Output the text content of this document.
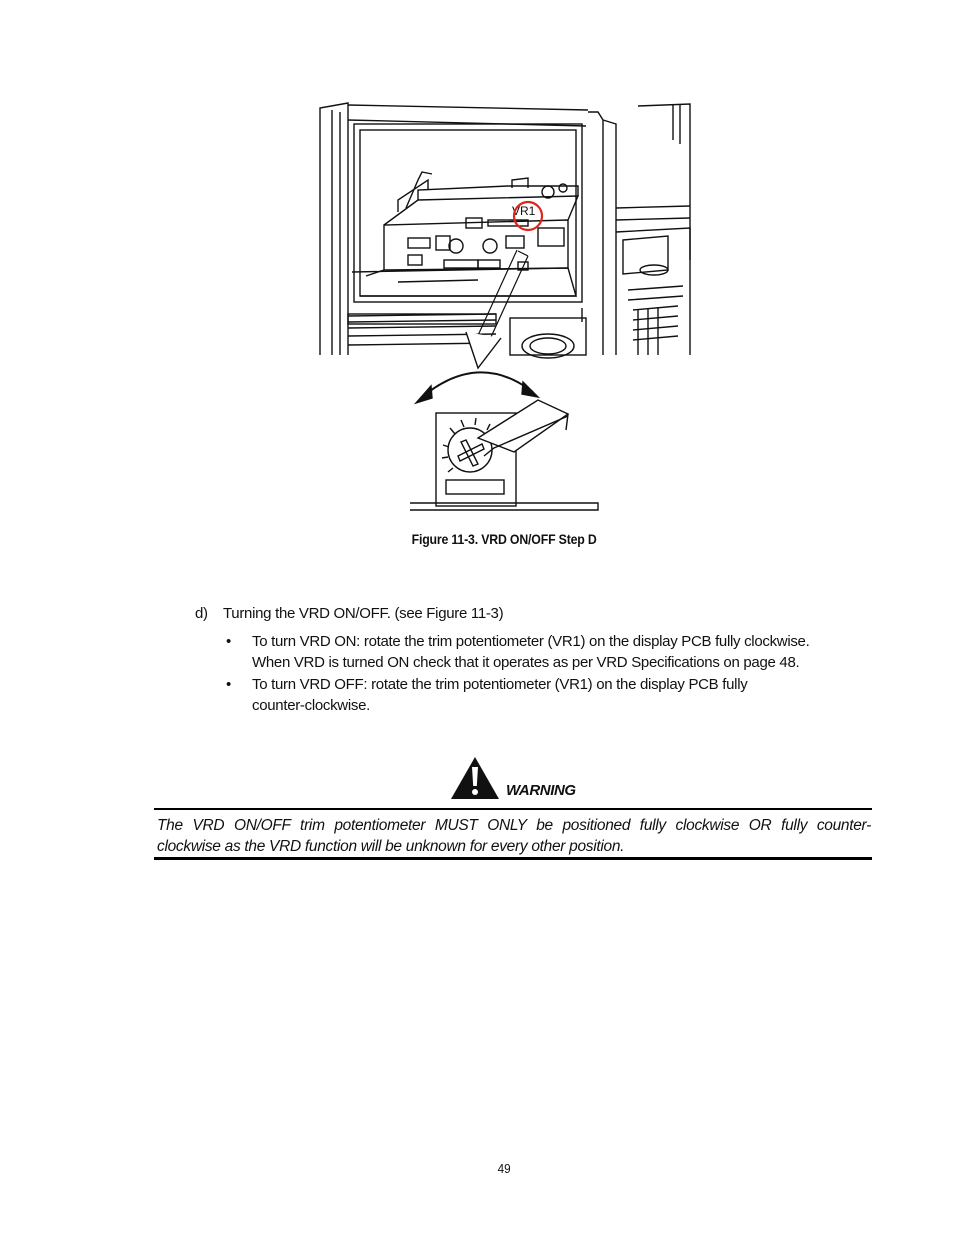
VR1
Figure 11-3. VRD ON/OFF Step D
d) Turning the VRD ON/OFF. (see Figure 11-3)
• To turn VRD ON: rotate the trim potentiometer (VR1) on the display PCB fully clockwise.
When VRD is turned ON check that it operates as per VRD Specifications on page 48.
• To turn VRD OFF: rotate the trim potentiometer (VR1) on the display PCB fully
counter-clockwise.
WARNING
The VRD ON/OFF trim potentiometer MUST ONLY be positioned fully clockwise OR fully counter-
clockwise as the VRD function will be unknown for every other position.
49
